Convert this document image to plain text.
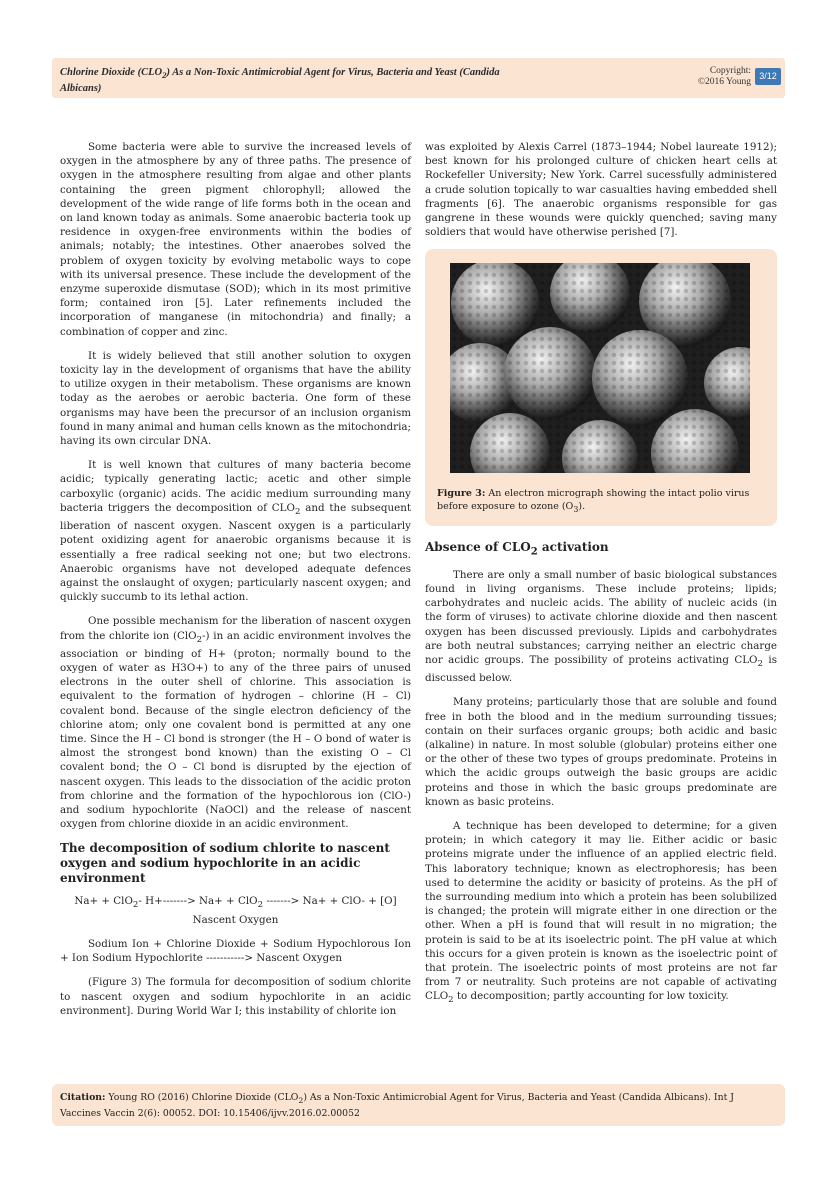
Chlorine Dioxide $(CLO_2)$ As a Non-Toxic Antimicrobial Agent for Virus, Bacteria and Yeast (Candida Albicans)
Copyright:
©2016 Young
3/12

Some bacteria were able to survive the increased levels of oxygen in the atmosphere by any of three paths. The presence of oxygen in the atmosphere resulting from algae and other plants containing the green pigment chlorophyll; allowed the development of the wide range of life forms both in the ocean and on land known today as animals. Some anaerobic bacteria took up residence in oxygen-free environments within the bodies of animals; notably; the intestines. Other anaerobes solved the problem of oxygen toxicity by evolving metabolic ways to cope with its universal presence. These include the development of the enzyme superoxide dismutase (SOD); which in its most primitive form; contained iron [5]. Later refinements included the incorporation of manganese (in mitochondria) and finally; a combination of copper and zinc.

It is widely believed that still another solution to oxygen toxicity lay in the development of organisms that have the ability to utilize oxygen in their metabolism. These organisms are known today as the aerobes or aerobic bacteria. One form of these organisms may have been the precursor of an inclusion organism found in many animal and human cells known as the mitochondria; having its own circular DNA.

It is well known that cultures of many bacteria become acidic; typically generating lactic; acetic and other simple carboxylic (organic) acids. The acidic medium surrounding many bacteria triggers the decomposition of $CLO_2$ and the subsequent liberation of nascent oxygen. Nascent oxygen is a particularly potent oxidizing agent for anaerobic organisms because it is essentially a free radical seeking not one; but two electrons. Anaerobic organisms have not developed adequate defences against the onslaught of oxygen; particularly nascent oxygen; and quickly succumb to its lethal action.

One possible mechanism for the liberation of nascent oxygen from the chlorite ion (ClO$_2$-) in an acidic environment involves the association or binding of H+ (proton; normally bound to the oxygen of water as H3O+) to any of the three pairs of unused electrons in the outer shell of chlorine. This association is equivalent to the formation of hydrogen – chlorine (H – Cl) covalent bond. Because of the single electron deficiency of the chlorine atom; only one covalent bond is permitted at any one time. Since the H – Cl bond is stronger (the H – O bond of water is almost the strongest bond known) than the existing O – Cl covalent bond; the O – Cl bond is disrupted by the ejection of nascent oxygen. This leads to the dissociation of the acidic proton from chlorine and the formation of the hypochlorous ion (ClO-) and sodium hypochlorite (NaOCl) and the release of nascent oxygen from chlorine dioxide in an acidic environment.

The decomposition of sodium chlorite to nascent oxygen and sodium hypochlorite in an acidic environment

Na+ + ClO$_2$- H+-------> Na+ + ClO$_2$ -------> Na+ + ClO- + [O]

Nascent Oxygen

Sodium Ion + Chlorine Dioxide + Sodium Hypochlorous Ion + Ion Sodium Hypochlorite -----------> Nascent Oxygen

(Figure 3) The formula for decomposition of sodium chlorite to nascent oxygen and sodium hypochlorite in an acidic environment]. During World War I; this instability of chlorite ion

was exploited by Alexis Carrel (1873–1944; Nobel laureate 1912); best known for his prolonged culture of chicken heart cells at Rockefeller University; New York. Carrel sucessfully administered a crude solution topically to war casualties having embedded shell fragments [6]. The anaerobic organisms responsible for gas gangrene in these wounds were quickly quenched; saving many soldiers that would have otherwise perished [7].

Figure 3: An electron micrograph showing the intact polio virus before exposure to ozone $(O_3)$.
Absence of $CLO_2$ activation

There are only a small number of basic biological substances found in living organisms. These include proteins; lipids; carbohydrates and nucleic acids. The ability of nucleic acids (in the form of viruses) to activate chlorine dioxide and then nascent oxygen has been discussed previously. Lipids and carbohydrates are both neutral substances; carrying neither an electric charge nor acidic groups. The possibility of proteins activating $CLO_2$ is discussed below.

Many proteins; particularly those that are soluble and found free in both the blood and in the medium surrounding tissues; contain on their surfaces organic groups; both acidic and basic (alkaline) in nature. In most soluble (globular) proteins either one or the other of these two types of groups predominate. Proteins in which the acidic groups outweigh the basic groups are acidic proteins and those in which the basic groups predominate are known as basic proteins.

A technique has been developed to determine; for a given protein; in which category it may lie. Either acidic or basic proteins migrate under the influence of an applied electric field. This laboratory technique; known as electrophoresis; has been used to determine the acidity or basicity of proteins. As the pH of the surrounding medium into which a protein has been solubilized is changed; the protein will migrate either in one direction or the other. When a pH is found that will result in no migration; the protein is said to be at its isoelectric point. The pH value at which this occurs for a given protein is known as the isoelectric point of that protein. The isoelectric points of most proteins are not far from 7 or neutrality. Such proteins are not capable of activating $CLO_2$ to decomposition; partly accounting for low toxicity.

Citation: Young RO (2016) Chlorine Dioxide $(CLO_2)$ As a Non-Toxic Antimicrobial Agent for Virus, Bacteria and Yeast (Candida Albicans). Int J Vaccines Vaccin 2(6): 00052. DOI: 10.15406/ijvv.2016.02.00052
